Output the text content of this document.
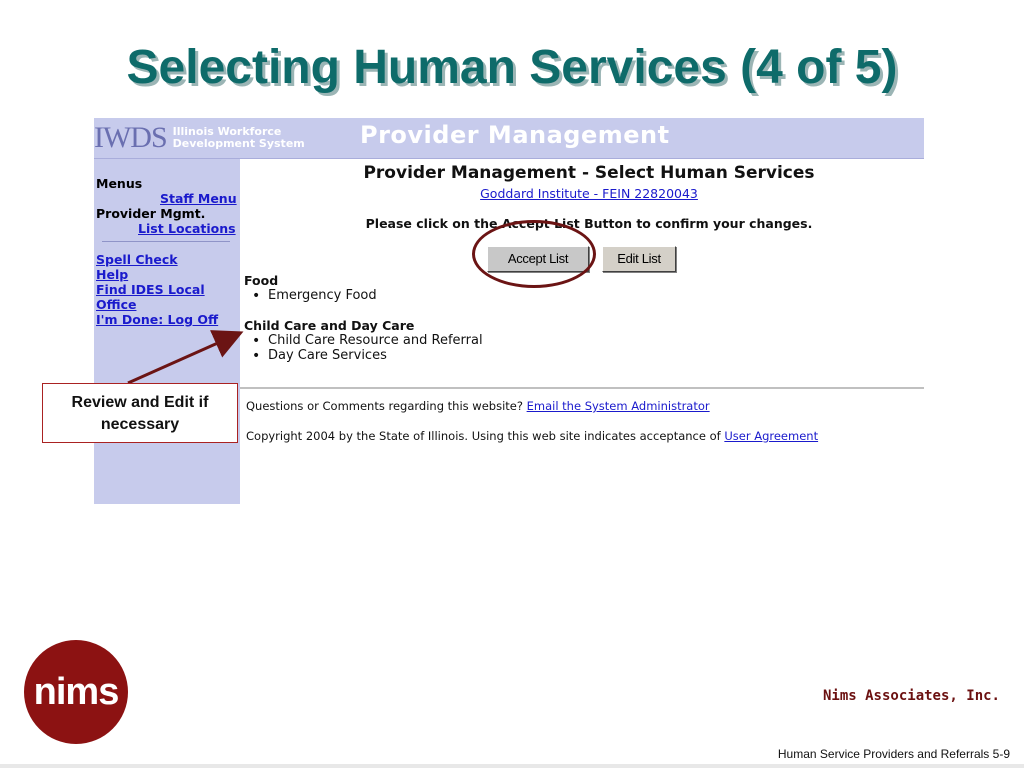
Selecting Human Services (4 of 5)
IWDS Illinois Workforce
Development System Provider Management
Menus
Staff Menu
Provider Mgmt.
List Locations
Spell Check
Help
Find IDES Local
Office
I'm Done: Log Off
Provider Management - Select Human Services
Goddard Institute - FEIN 22820043
Please click on the Accept List Button to confirm your changes.
Accept List	Edit List
Food
• Emergency Food
Child Care and Day Care
• Child Care Resource and Referral
• Day Care Services
Questions or Comments regarding this website? Email the System Administrator
Copyright 2004 by the State of Illinois. Using this web site indicates acceptance of User Agreement
Review and Edit if necessary
nims	Nims Associates, Inc.
Human Service Providers and Referrals 5-9
